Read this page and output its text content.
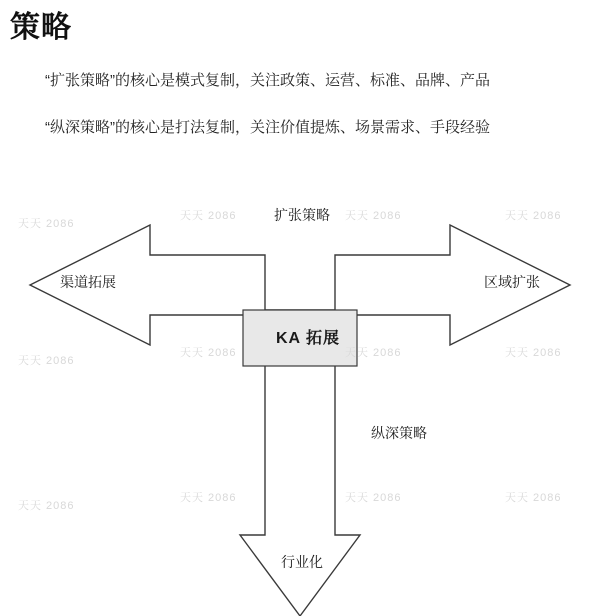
策略
“扩张策略”的核心是模式复制，关注政策、运营、标准、品牌、产品
“纵深策略”的核心是打法复制，关注价值提炼、场景需求、手段经验
扩张策略
渠道拓展	区域扩张
KA 拓展
纵深策略
行业化
天天 2086
天天 2086	天天 2086	天天 2086
天天 2086
天天 2086	天天 2086	天天 2086
天天 2086
天天 2086	天天 2086	天天 2086
